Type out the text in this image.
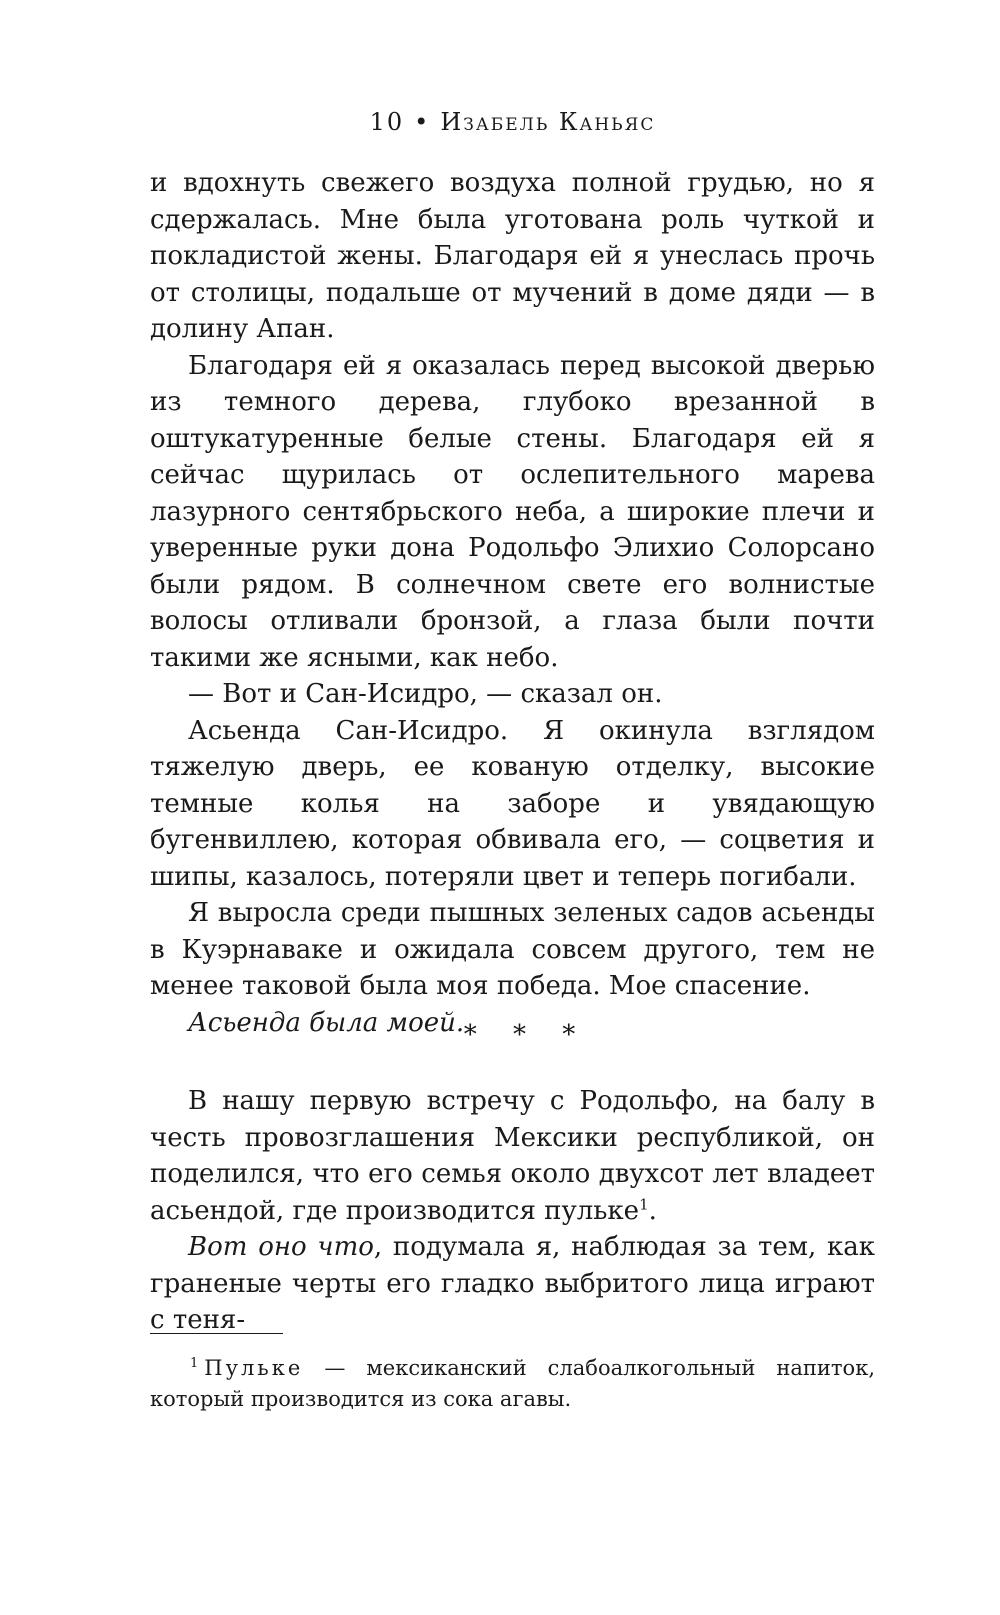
10 • Изабель Каньяс

и вдохнуть свежего воздуха полной грудью, но я сдержалась. Мне была уготована роль чуткой и покладистой жены. Благодаря ей я унеслась прочь от столицы, подальше от мучений в доме дяди — в долину Апан.

Благодаря ей я оказалась перед высокой дверью из темного дерева, глубоко врезанной в оштукатуренные белые стены. Благодаря ей я сейчас щурилась от ослепительного марева лазурного сентябрьского неба, а широкие плечи и уверенные руки дона Родольфо Элихио Солорсано были рядом. В солнечном свете его волнистые волосы отливали бронзой, а глаза были почти такими же ясными, как небо.

— Вот и Сан-Исидро, — сказал он.

Асьенда Сан-Исидро. Я окинула взглядом тяжелую дверь, ее кованую отделку, высокие темные колья на заборе и увядающую бугенвиллею, которая обвивала его, — соцветия и шипы, казалось, потеряли цвет и теперь погибали.

Я выросла среди пышных зеленых садов асьенды в Куэрнаваке и ожидала совсем другого, тем не менее таковой была моя победа. Мое спасение.

Асьенда была моей. * * *

В нашу первую встречу с Родольфо, на балу в честь провозглашения Мексики республикой, он поделился, что его семья около двухсот лет владеет асьендой, где производится пульке$^1$.

Вот оно что, подумала я, наблюдая за тем, как граненые черты его гладко выбритого лица играют с теня-

$^1$ Пульке — мексиканский слабоалкогольный напиток, который производится из сока агавы.
